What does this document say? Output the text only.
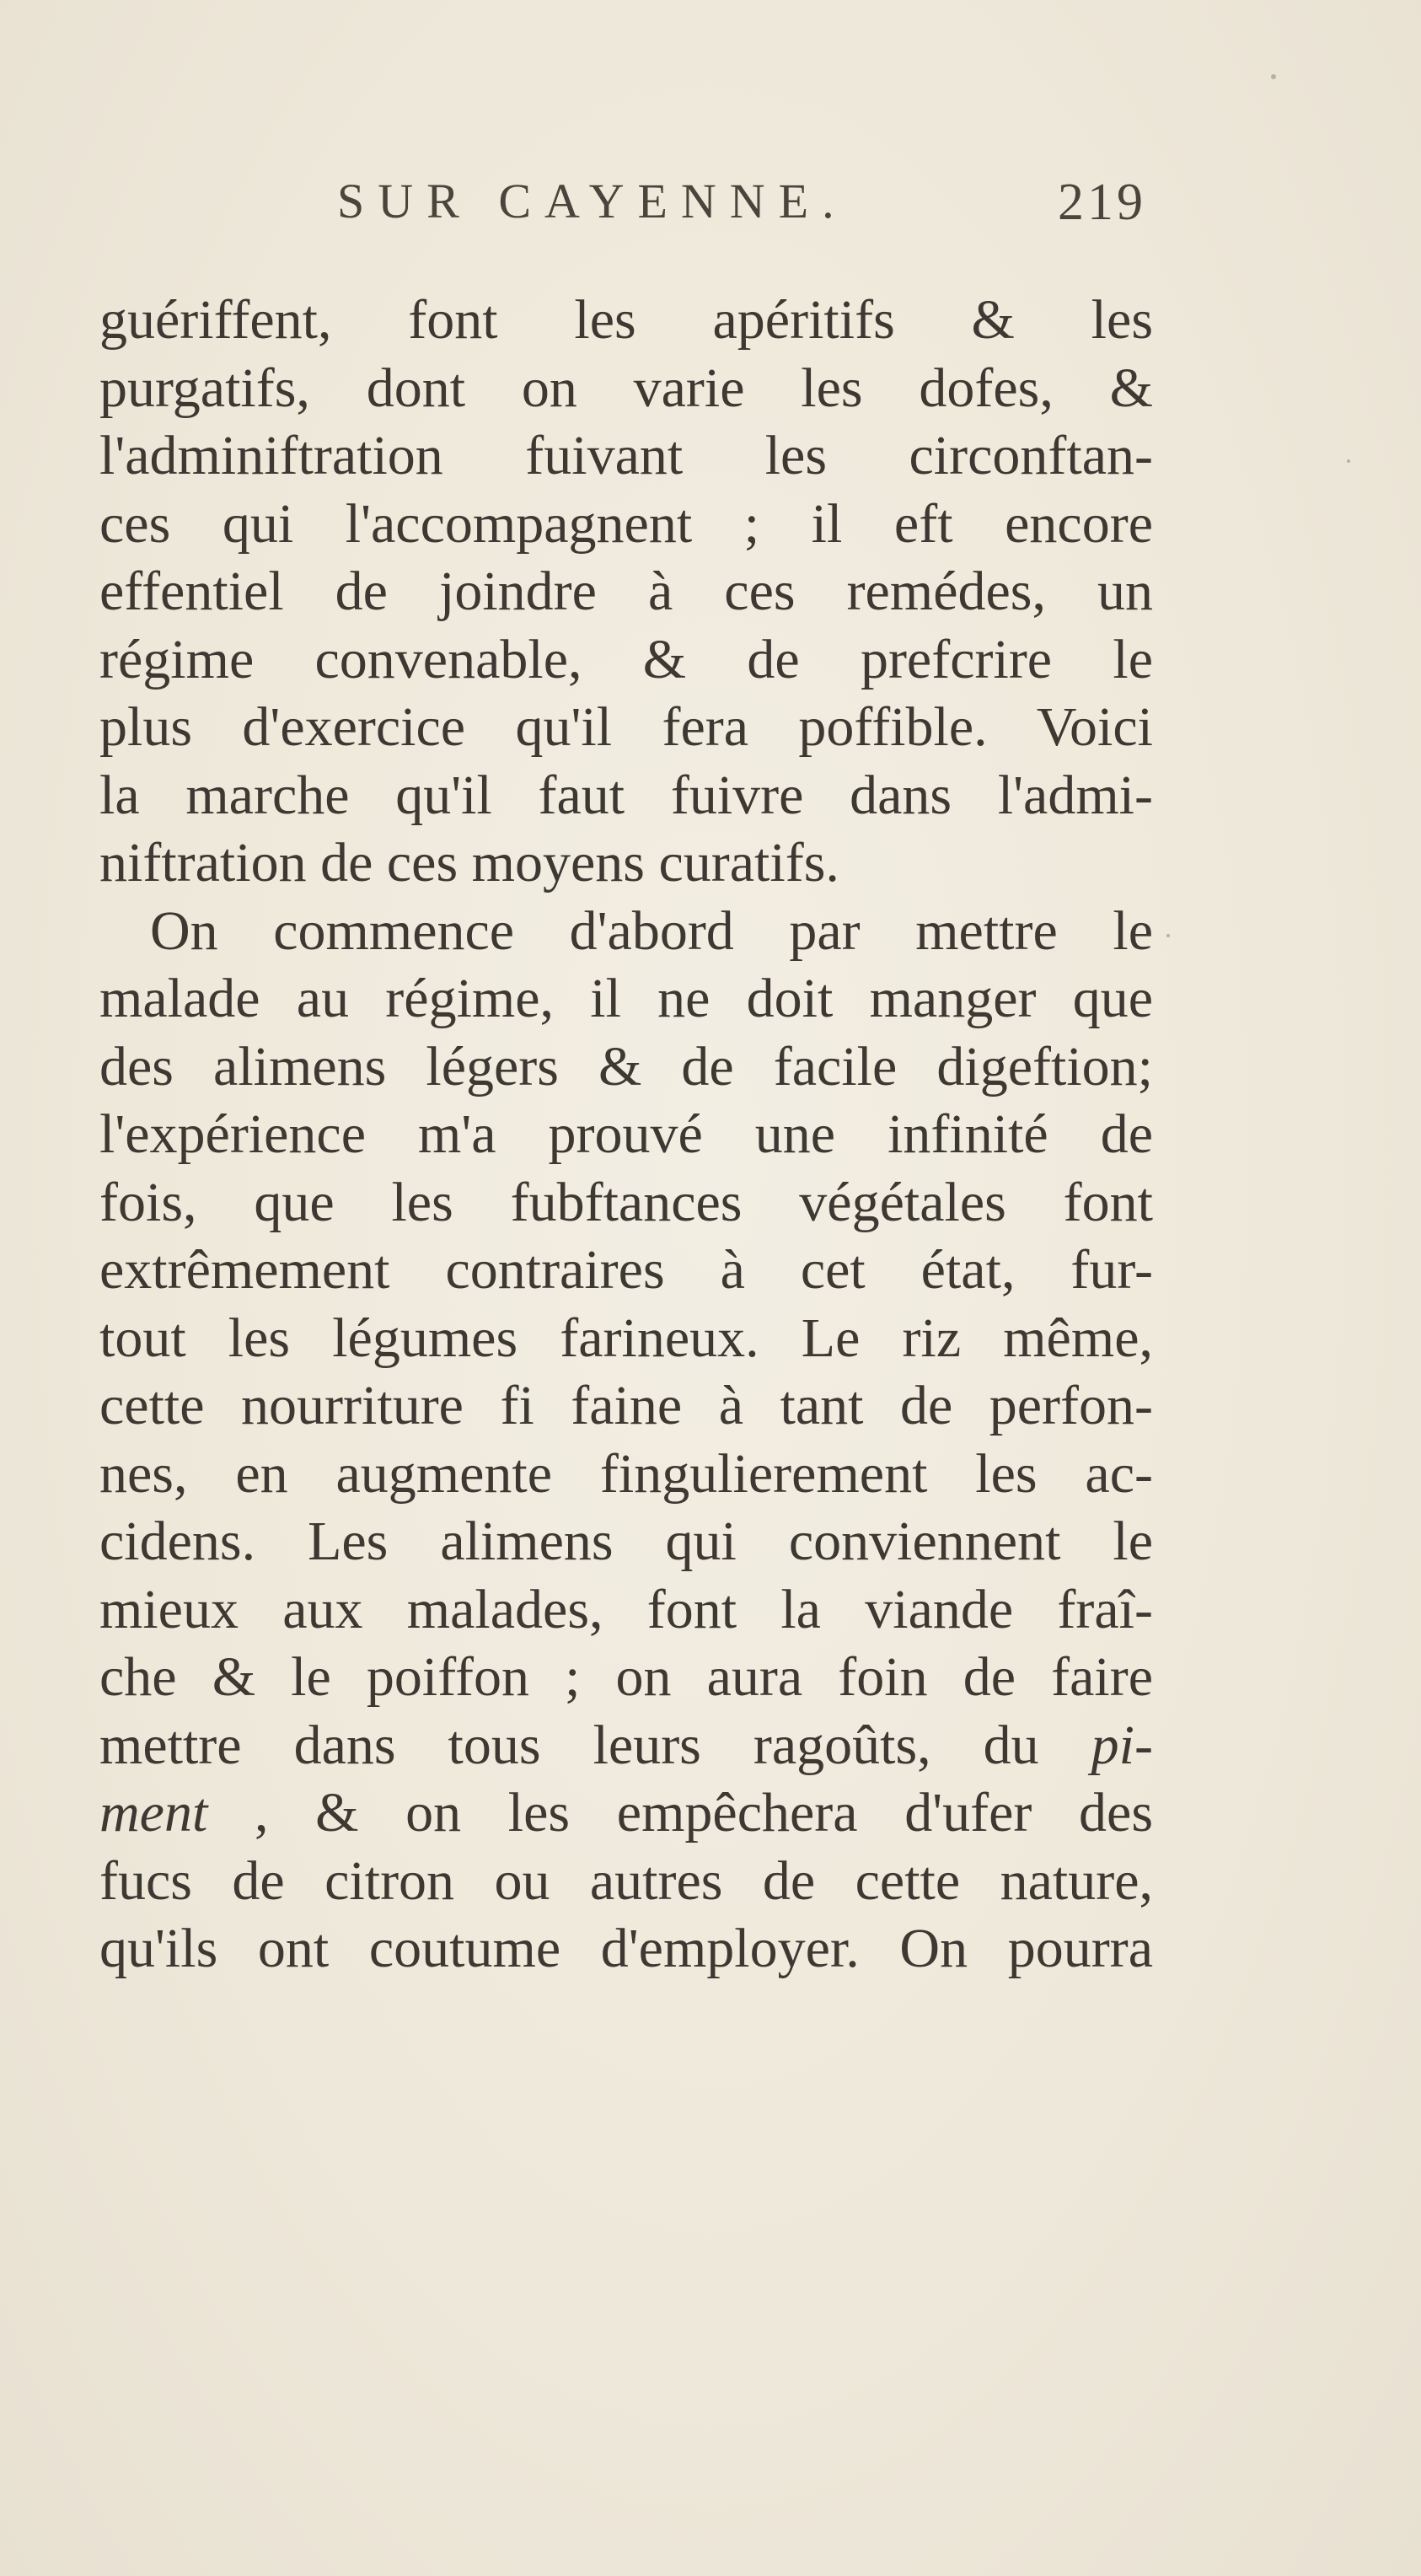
SUR CAYENNE.	219
guériffent, font les apéritifs & les
purgatifs, dont on varie les dofes, &
l'adminiftration fuivant les circonftan-
ces qui l'accompagnent ; il eft encore
effentiel de joindre à ces remédes, un
régime convenable, & de prefcrire le
plus d'exercice qu'il fera poffible. Voici
la marche qu'il faut fuivre dans l'admi-
niftration de ces moyens curatifs.
On commence d'abord par mettre le
malade au régime, il ne doit manger que
des alimens légers & de facile digeftion;
l'expérience m'a prouvé une infinité de
fois, que les fubftances végétales font
extrêmement contraires à cet état, fur-
tout les légumes farineux. Le riz même,
cette nourriture fi faine à tant de perfon-
nes, en augmente fingulierement les ac-
cidens. Les alimens qui conviennent le
mieux aux malades, font la viande fraî-
che & le poiffon ; on aura foin de faire
mettre dans tous leurs ragoûts, du pi-
ment , & on les empêchera d'ufer des
fucs de citron ou autres de cette nature,
qu'ils ont coutume d'employer. On pourra
